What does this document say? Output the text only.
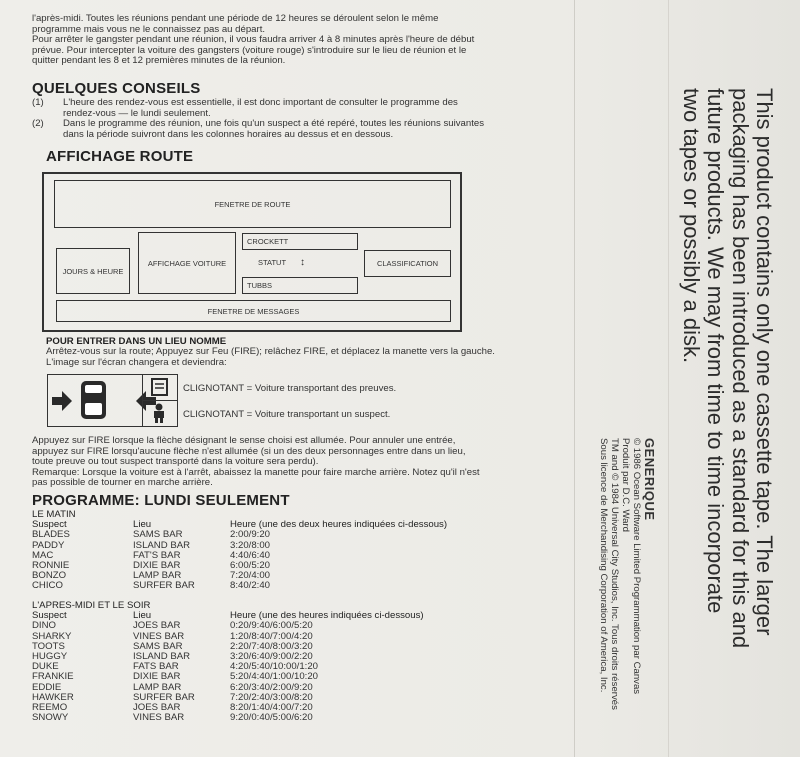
l'après-midi. Toutes les réunions pendant une période de 12 heures se déroulent selon le même
programme mais vous ne le connaissez pas au départ.
Pour arrêter le gangster pendant une réunion, il vous faudra arriver 4 à 8 minutes après l'heure de début
prévue. Pour intercepter la voiture des gangsters (voiture rouge) s'introduire sur le lieu de réunion et le
quitter pendant les 8 et 12 premières minutes de la réunion.
QUELQUES CONSEILS
(1)	L'heure des rendez-vous est essentielle, il est donc important de consulter le programme des
rendez-vous — le lundi seulement.
(2)	Dans le programme des réunion, une fois qu'un suspect a été repéré, toutes les réunions suivantes
dans la période suivront dans les colonnes horaires au dessus et en dessous.
AFFICHAGE ROUTE
FENETRE DE ROUTE
JOURS & HEURE
AFFICHAGE VOITURE
CROCKETT
STATUT ↕
TUBBS
CLASSIFICATION
FENETRE DE MESSAGES
POUR ENTRER DANS UN LIEU NOMME
Arrêtez-vous sur la route; Appuyez sur Feu (FIRE); relâchez FIRE, et déplacez la manette vers la gauche.
L'image sur l'écran changera et deviendra:
CLIGNOTANT = Voiture transportant des preuves.
CLIGNOTANT = Voiture transportant un suspect.
Appuyez sur FIRE lorsque la flèche désignant le sense choisi est allumée. Pour annuler une entrée,
appuyez sur FIRE lorsqu'aucune flèche n'est allumée (si un des deux personnages entre dans un lieu,
toute preuve ou tout suspect transporté dans la voiture sera perdu).
Remarque: Lorsque la voiture est à l'arrêt, abaissez la manette pour faire marche arrière. Notez qu'il n'est
pas possible de tourner en marche arrière.
PROGRAMME: LUNDI SEULEMENT
LE MATIN
Suspect	Lieu	Heure (une des deux heures indiquées ci-dessous)
BLADES	SAMS BAR	2:00/9:20
PADDY	ISLAND BAR	3:20/8:00
MAC	FAT'S BAR	4:40/6:40
RONNIE	DIXIE BAR	6:00/5:20
BONZO	LAMP BAR	7:20/4:00
CHICO	SURFER BAR	8:40/2:40
L'APRES-MIDI ET LE SOIR
Suspect	Lieu	Heure (une des heures indiquées ci-dessous)
DINO	JOES BAR	0:20/9:40/6:00/5:20
SHARKY	VINES BAR	1:20/8:40/7:00/4:20
TOOTS	SAMS BAR	2:20/7:40/8:00/3:20
HUGGY	ISLAND BAR	3:20/6:40/9:00/2:20
DUKE	FATS BAR	4:20/5:40/10:00/1:20
FRANKIE	DIXIE BAR	5:20/4:40/1:00/10:20
EDDIE	LAMP BAR	6:20/3:40/2:00/9:20
HAWKER	SURFER BAR	7:20/2:40/3:00/8:20
REEMO	JOES BAR	8:20/1:40/4:00/7:20
SNOWY	VINES BAR	9:20/0:40/5:00/6:20
This product contains only one cassette tape. The larger
packaging has been introduced as a standard for this and
future products. We may from time to time incorporate
two tapes or possibly a disk.
GENERIQUE
© 1986 Ocean Software Limited Programmation par Canvas
Produit par D.C. Ward
TM and © 1984 Universal City Studios, Inc. Tous droits réservés
Sous licence de Merchandising Corporation of America, Inc.
